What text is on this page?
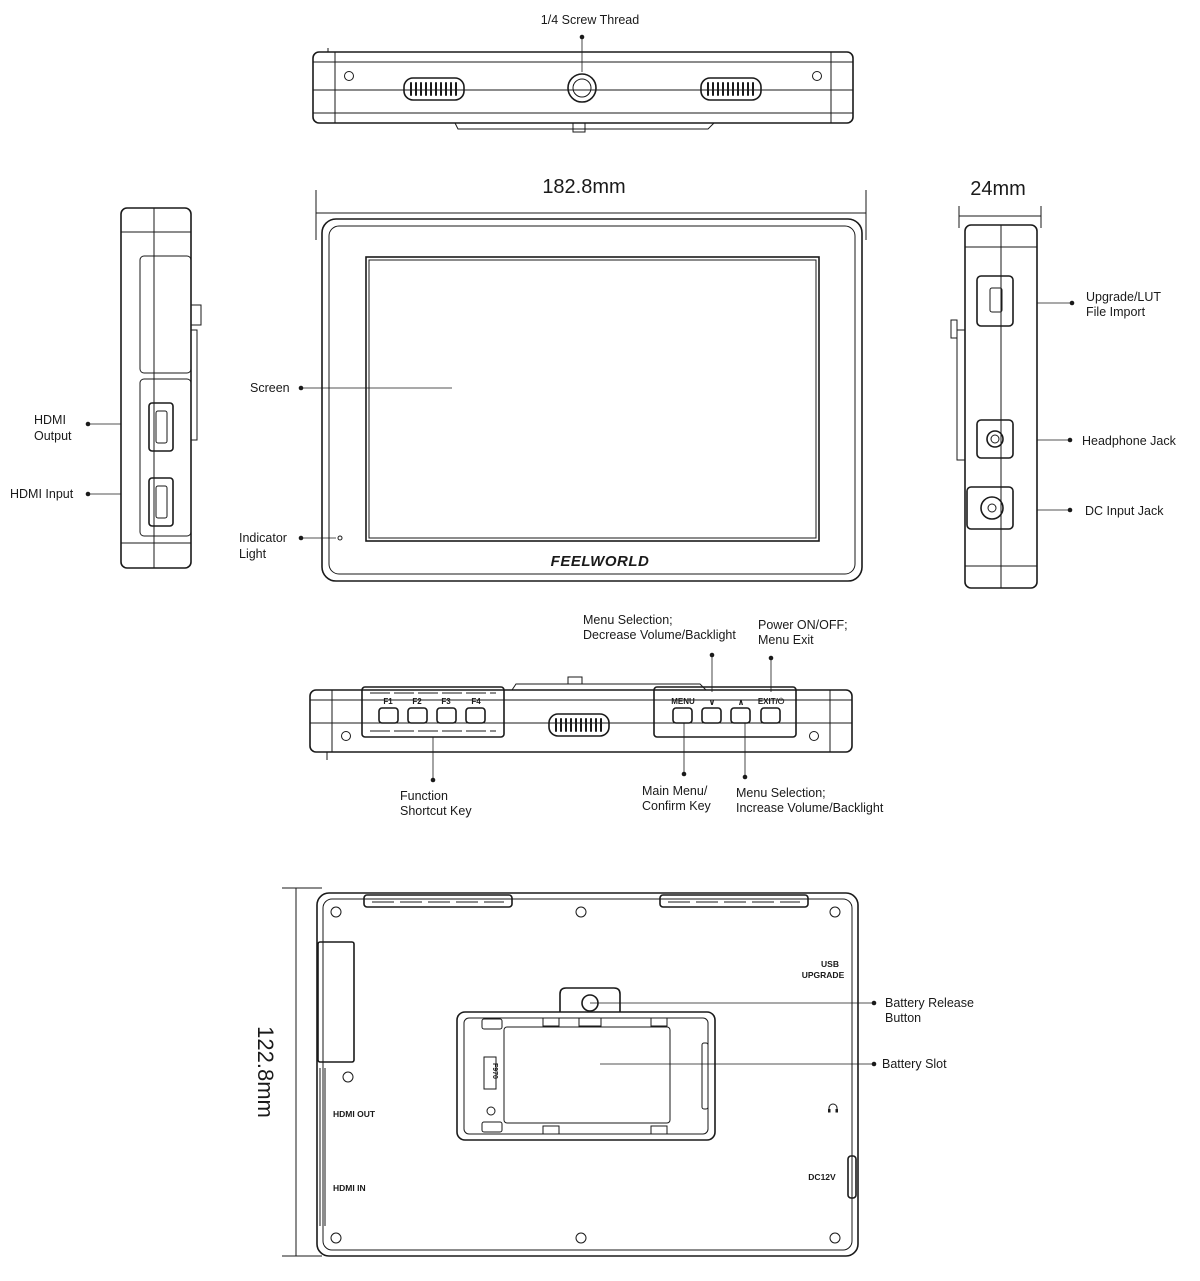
1/4 Screw Thread
HDMI
Output
HDMI Input
182.8mm
FEELWORLD
Screen
Indicator
Light
24mm
Upgrade/LUT
File Import
Headphone Jack
DC Input Jack
Menu Selection;
Decrease Volume/Backlight
Power ON/OFF;
Menu Exit
F1 F2 F3	F4	MENU ∨	∧ EXIT/⏻
Function
Shortcut Key
Main Menu/
Confirm Key
Menu Selection;
Increase Volume/Backlight
122.8mm	HDMI OUT
HDMI IN
USB
UPGRADE
DC12V
F970
Battery Release
Button
Battery Slot
